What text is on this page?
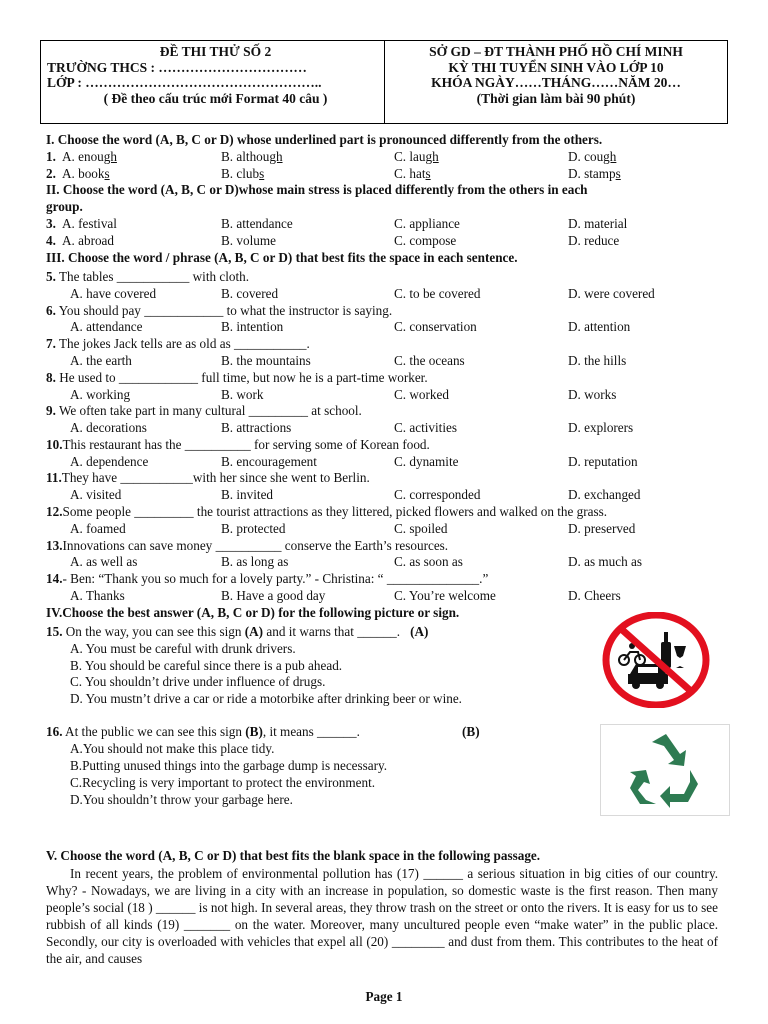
ĐỀ THI THỬ SỐ 2
TRƯỜNG THCS : ……………………………
LỚP : ……………………………………………..
( Đề theo cấu trúc mới Format 40 câu )
SỞ GD – ĐT THÀNH PHỐ HỒ CHÍ MINH
KỲ THI TUYỂN SINH VÀO LỚP 10
KHÓA NGÀY……THÁNG……NĂM 20…
(Thời gian làm bài 90 phút)
I. Choose the word (A, B, C or D) whose underlined part is pronounced differently from the others.
1. A. enough	B. although	C. laugh	D. cough
2. A. books	B. clubs	C. hats	D. stamps
II. Choose the word (A, B, C or D)whose main stress is placed differently from the others in each
group.
3. A. festival	B. attendance	C. appliance	D. material
4. A. abroad	B. volume	C. compose	D. reduce
III. Choose the word / phrase (A, B, C or D) that best fits the space in each sentence.
5. The tables ___________ with cloth.
A. have covered	B. covered	C. to be covered	D. were covered
6. You should pay ____________ to what the instructor is saying.
A. attendance	B. intention	C. conservation	D. attention
7. The jokes Jack tells are as old as ___________.
A. the earth	B. the mountains	C. the oceans	D. the hills
8. He used to ____________ full time, but now he is a part-time worker.
A. working	B. work	C. worked	D. works
9. We often take part in many cultural _________ at school.
A. decorations	B. attractions	C. activities	D. explorers
10.This restaurant has the __________ for serving some of Korean food.
A. dependence	B. encouragement	C. dynamite	D. reputation
11.They have ___________with her since she went to Berlin.
A. visited	B. invited	C. corresponded	D. exchanged
12.Some people _________ the tourist attractions as they littered, picked flowers and walked on the grass.
A. foamed	B. protected	C. spoiled	D. preserved
13.Innovations can save money __________ conserve the Earth’s resources.
A. as well as	B. as long as	C. as soon as	D. as much as
14.- Ben: “Thank you so much for a lovely party.” - Christina: “ ______________.”
A. Thanks	B. Have a good day	C. You’re welcome	D. Cheers
IV.Choose the best answer (A, B, C or D) for the following picture or sign.
15. On the way, you can see this sign (A) and it warns that ______. (A)
A. You must be careful with drunk drivers.
B. You should be careful since there is a pub ahead.
C. You shouldn’t drive under influence of drugs.
D. You mustn’t drive a car or ride a motorbike after drinking beer or wine.
16. At the public we can see this sign (B), it means ______.	(B)
A.You should not make this place tidy.
B.Putting unused things into the garbage dump is necessary.
C.Recycling is very important to protect the environment.
D.You shouldn’t throw your garbage here.
V. Choose the word (A, B, C or D) that best fits the blank space in the following passage.

In recent years, the problem of environmental pollution has (17) ______ a serious situation in big cities of our country. Why? - Nowadays, we are living in a city with an increase in population, so domestic waste is the first reason. Then many people’s social (18 ) ______ is not high. In several areas, they throw trash on the street or onto the rivers. It is easy for us to see rubbish of all kinds (19) _______ on the water. Moreover, many uncultured people even “make water” in the public place. Secondly, our city is overloaded with vehicles that expel all (20) ________ and dust from them. This contributes to the heat of the air, and causes

Page 1
